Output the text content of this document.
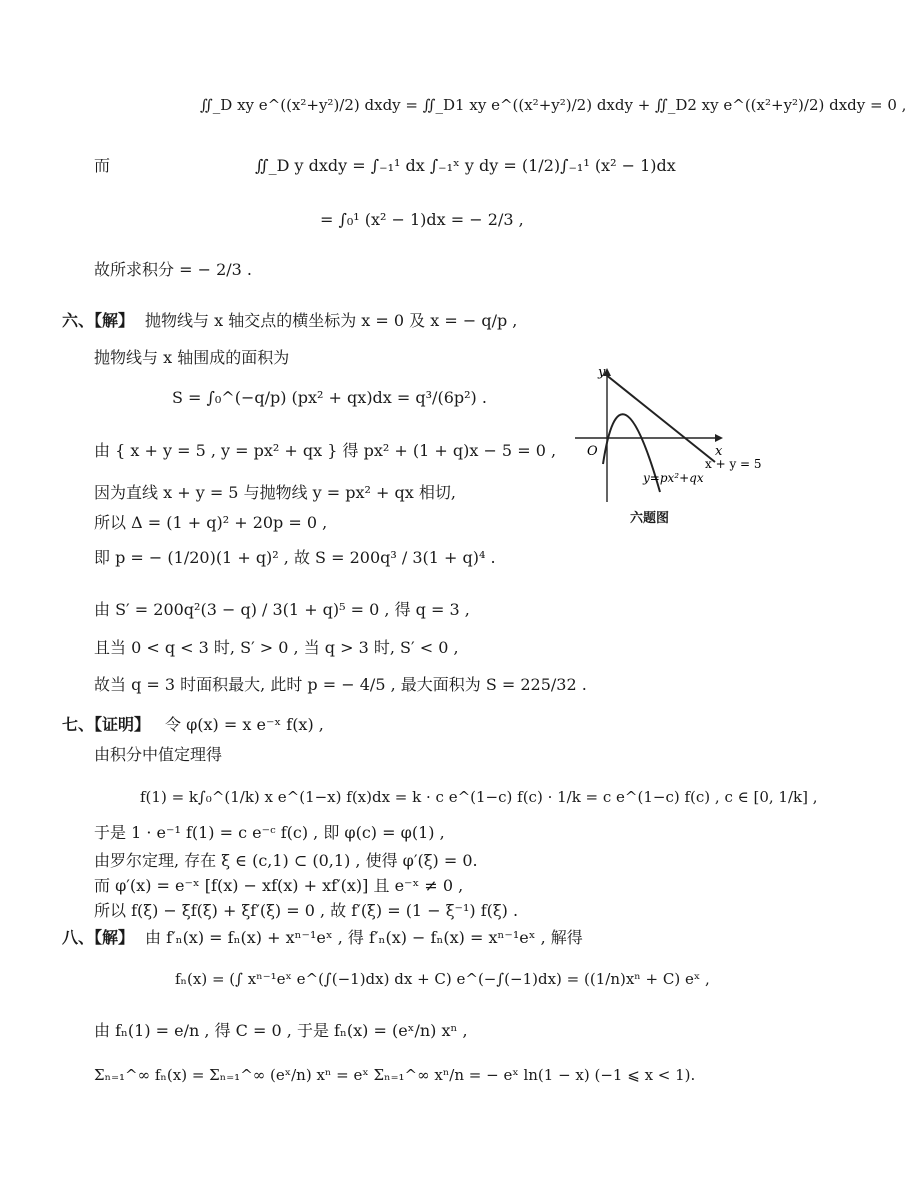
∬_D xy e^((x²+y²)/2) dxdy = ∬_D1 xy e^((x²+y²)/2) dxdy + ∬_D2 xy e^((x²+y²)/2) dxdy = 0 ,
而	∬_D y dxdy = ∫₋₁¹ dx ∫₋₁ˣ y dy = (1/2)∫₋₁¹ (x² − 1)dx
= ∫₀¹ (x² − 1)dx = − 2/3 ,
故所求积分 = − 2/3 .
六、【解】 抛物线与 x 轴交点的横坐标为 x = 0 及 x = − q/p ,
抛物线与 x 轴围成的面积为
S = ∫₀^(−q/p) (px² + qx)dx = q³/(6p²) .
由 { x + y = 5 , y = px² + qx } 得 px² + (1 + q)x − 5 = 0 ,
因为直线 x + y = 5 与抛物线 y = px² + qx 相切,
所以 Δ = (1 + q)² + 20p = 0 ,
即 p = − (1/20)(1 + q)² , 故 S = 200q³ / 3(1 + q)⁴ .
由 S′ = 200q²(3 − q) / 3(1 + q)⁵ = 0 , 得 q = 3 ,
且当 0 < q < 3 时, S′ > 0 , 当 q > 3 时, S′ < 0 ,
故当 q = 3 时面积最大, 此时 p = − 4/5 , 最大面积为 S = 225/32 .
y
x
O
x + y = 5
y=px²+qx
六题图
七、【证明】 令 φ(x) = x e⁻ˣ f(x) ,
由积分中值定理得
f(1) = k∫₀^(1/k) x e^(1−x) f(x)dx = k · c e^(1−c) f(c) · 1/k = c e^(1−c) f(c) , c ∈ [0, 1/k] ,
于是 1 · e⁻¹ f(1) = c e⁻ᶜ f(c) , 即 φ(c) = φ(1) ,
由罗尔定理, 存在 ξ ∈ (c,1) ⊂ (0,1) , 使得 φ′(ξ) = 0.
而 φ′(x) = e⁻ˣ [f(x) − xf(x) + xf′(x)] 且 e⁻ˣ ≠ 0 ,
所以 f(ξ) − ξf(ξ) + ξf′(ξ) = 0 , 故 f′(ξ) = (1 − ξ⁻¹) f(ξ) .
八、【解】 由 f′ₙ(x) = fₙ(x) + xⁿ⁻¹eˣ , 得 f′ₙ(x) − fₙ(x) = xⁿ⁻¹eˣ , 解得
fₙ(x) = (∫ xⁿ⁻¹eˣ e^(∫(−1)dx) dx + C) e^(−∫(−1)dx) = ((1/n)xⁿ + C) eˣ ,
由 fₙ(1) = e/n , 得 C = 0 , 于是 fₙ(x) = (eˣ/n) xⁿ ,
Σₙ₌₁^∞ fₙ(x) = Σₙ₌₁^∞ (eˣ/n) xⁿ = eˣ Σₙ₌₁^∞ xⁿ/n = − eˣ ln(1 − x) (−1 ⩽ x < 1).
